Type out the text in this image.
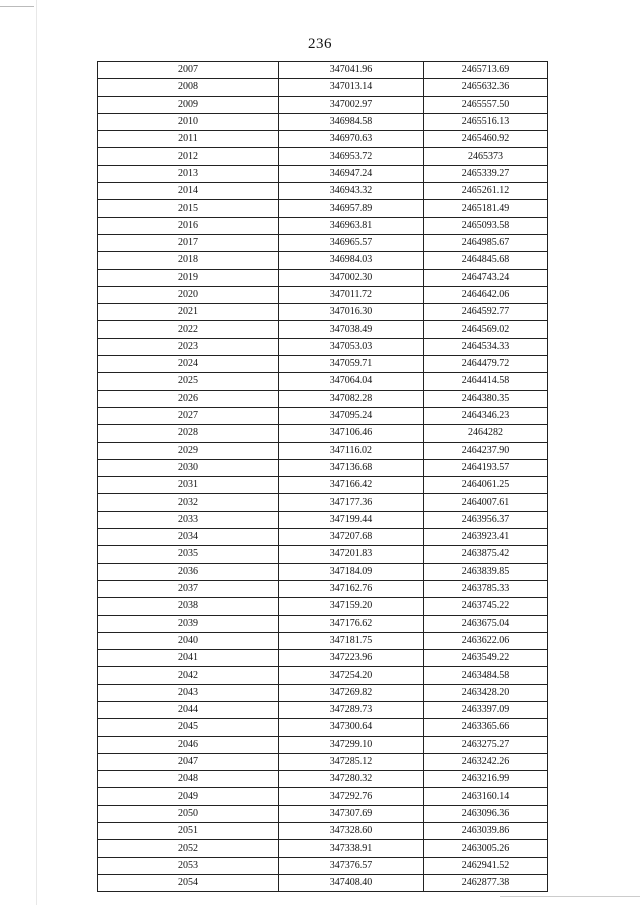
236
2007	347041.96	2465713.69
2008	347013.14	2465632.36
2009	347002.97	2465557.50
2010	346984.58	2465516.13
2011	346970.63	2465460.92
2012	346953.72	2465373
2013	346947.24	2465339.27
2014	346943.32	2465261.12
2015	346957.89	2465181.49
2016	346963.81	2465093.58
2017	346965.57	2464985.67
2018	346984.03	2464845.68
2019	347002.30	2464743.24
2020	347011.72	2464642.06
2021	347016.30	2464592.77
2022	347038.49	2464569.02
2023	347053.03	2464534.33
2024	347059.71	2464479.72
2025	347064.04	2464414.58
2026	347082.28	2464380.35
2027	347095.24	2464346.23
2028	347106.46	2464282
2029	347116.02	2464237.90
2030	347136.68	2464193.57
2031	347166.42	2464061.25
2032	347177.36	2464007.61
2033	347199.44	2463956.37
2034	347207.68	2463923.41
2035	347201.83	2463875.42
2036	347184.09	2463839.85
2037	347162.76	2463785.33
2038	347159.20	2463745.22
2039	347176.62	2463675.04
2040	347181.75	2463622.06
2041	347223.96	2463549.22
2042	347254.20	2463484.58
2043	347269.82	2463428.20
2044	347289.73	2463397.09
2045	347300.64	2463365.66
2046	347299.10	2463275.27
2047	347285.12	2463242.26
2048	347280.32	2463216.99
2049	347292.76	2463160.14
2050	347307.69	2463096.36
2051	347328.60	2463039.86
2052	347338.91	2463005.26
2053	347376.57	2462941.52
2054	347408.40	2462877.38
